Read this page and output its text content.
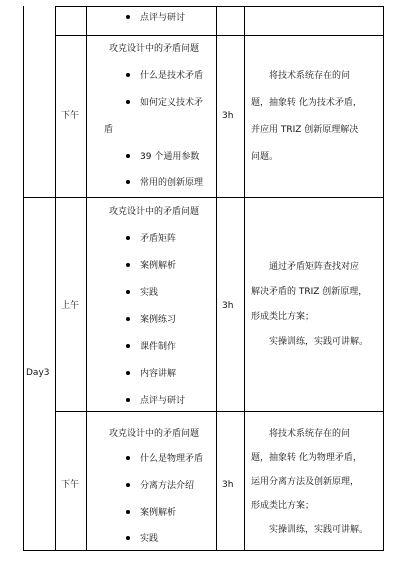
点评与研讨
下午
攻克设计中的矛盾问题
什么是技术矛盾
如何定义技术矛
盾
39 个通用参数
常用的创新原理
3h

将技术系统存在的问

题，抽象转 化为技术矛盾，

并应用 TRIZ 创新原理解决

问题。

Day3
上午
攻克设计中的矛盾问题
矛盾矩阵
案例解析
实践
案例练习
课件制作
内容讲解
点评与研讨
3h

通过矛盾矩阵查找对应

解决矛盾的 TRIZ 创新原理，

形成类比方案；

实操训练，实践可讲解。

下午
攻克设计中的矛盾问题
什么是物理矛盾
分离方法介绍
案例解析
实践
3h

将技术系统存在的问

题，抽象转 化为物理矛盾，

运用分离方法及创新原理，

形成类比方案；

实操训练，实践可讲解。
